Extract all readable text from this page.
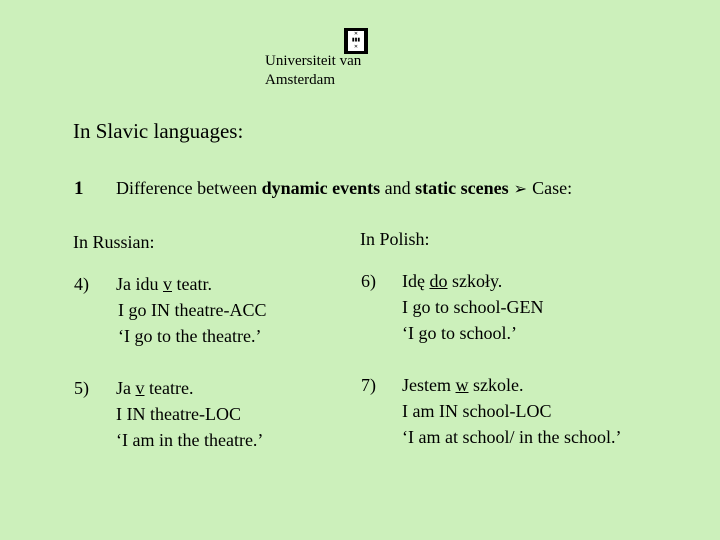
✕
▮▮▮
✕
Universiteit van Amsterdam
In Slavic languages:
1 Difference between dynamic events and static scenes ➢ Case:
In Russian:	In Polish:
4) Ja idu v teatr.
I go IN theatre-ACC
‘I go to the theatre.’
5) Ja v teatre.
I IN theatre-LOC
‘I am in the theatre.’
6) Idę do szkoły.
I go to school-GEN
‘I go to school.’
7) Jestem w szkole.
I am IN school-LOC
‘I am at school/ in the school.’
